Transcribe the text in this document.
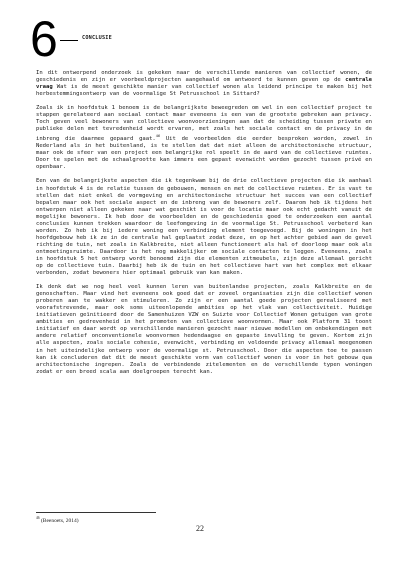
6	CONCLUSIE

In dit ontwerpend onderzoek is gekeken naar de verschillende manieren van collectief wonen, de geschiedenis en zijn er voorbeeldprojecten aangehaald om antwoord te kunnen geven op de centrale vraag Wat is de meest geschikte manier van collectief wonen als leidend principe te maken bij het herbestemmingsontwerp van de voormalige St Petrusschool in Sittard?

Zoals ik in hoofdstuk 1 benoem is de belangrijkste beweegreden om wel in een collectief project te stappen gerelateerd aan sociaal contact maar eveneens is een van de grootste gebreken aan privacy. Toch geven veel bewoners van collectieve woonvoorzieningen aan dat de scheiding tussen private en publieke delen met tevredenheid wordt ervaren, met zoals het sociale contact en de privacy in de inbreng die daarmee gepaard gaat.$^{46}$ Uit de voorbeelden die eerder besproken worden, zowel in Nederland als in het buitenland, is te stellen dat dat niet alleen de architectonische structuur, maar ook de sfeer van een project een belangrijke rol speelt in de aard van de collectieve ruimtes. Door te spelen met de schaalgrootte kan immers een gepast evenwicht worden gezocht tussen privé en openbaar.

Een van de belangrijkste aspecten die ik tegenkwam bij de drie collectieve projecten die ik aanhaal in hoofdstuk 4 is de relatie tussen de gebouwen, mensen en met de collectieve ruimtes. Er is vast te stellen dat niet enkel de vormgeving en architectonische structuur het succes van een collectief bepalen maar ook het sociale aspect en de inbreng van de bewoners zelf. Daarom heb ik tijdens het ontwerpen niet alleen gekeken naar wat geschikt is voor de locatie maar ook echt gedacht vanuit de mogelijke bewoners. Ik heb door de voorbeelden en de geschiedenis goed te onderzoeken een aantal conclusies kunnen trekken waardoor de leefomgeving in de voormalige St. Petrusschool verbeterd kan worden. Zo heb ik bij iedere woning een verbinding element toegevoegd. Bij de woningen in het hoofdgebouw heb ik ze in de centrale hal geplaatst zodat deze, en op het achter gebied aan de gevel richting de tuin, net zoals in Kalkbreite, niet alleen functioneert als hal of doorloop maar ook als ontmoetingsruimte. Daardoor is het nog makkelijker om sociale contacten te leggen. Eveneens, zoals in hoofdstuk 5 het ontwerp wordt benoemd zijn die elementen zitmeubels, zijn deze allemaal gericht op de collectieve tuin. Daarbij heb ik de tuin en het collectieve hart van het complex met elkaar verbonden, zodat bewoners hier optimaal gebruik van kan maken.

Ik denk dat we nog heel veel kunnen leren van buitenlandse projecten, zoals Kalkbreite en de genoschaften. Maar vind het eveneens ook goed dat er zoveel organisaties zijn die collectief wonen proberen aan te wakker en stimuleren. Zo zijn er een aantal goede projecten gerealiseerd met voorafstrevende, maar ook soms uiteenlopende ambities op het vlak van collectiviteit. Huidige initiatieven geïnitieerd door de Samenhuizen VZW en Suizte voor Collectief Wonen getuigen van grote ambities en gedrevenheid in het promoten van collectieve woonvormen. Maar ook Platform 31 toont initiatief en daar wordt op verschillende manieren gezocht naar nieuwe modellen om onbekendingen met andere relatief onconventionele woonvormen hedendaagse en gepaste invulling te geven. Kortom zijn alle aspecten, zoals sociale cohesie, evenwicht, verbinding en voldoende privacy allemaal meegenomen in het uiteindelijke ontwerp voor de voormalige st. Petrusschool. Door die aspecten toe te passen kan ik concluderen dat dit de meest geschikte vorm van collectief wonen is voor in het gebouw qua architectonische ingrepen. Zoals de verbindende zitelementen en de verschillende typen woningen zodat er een breed scala aan doelgroepen terecht kan.

$^{46}$ (Beenoets, 2014)
22
